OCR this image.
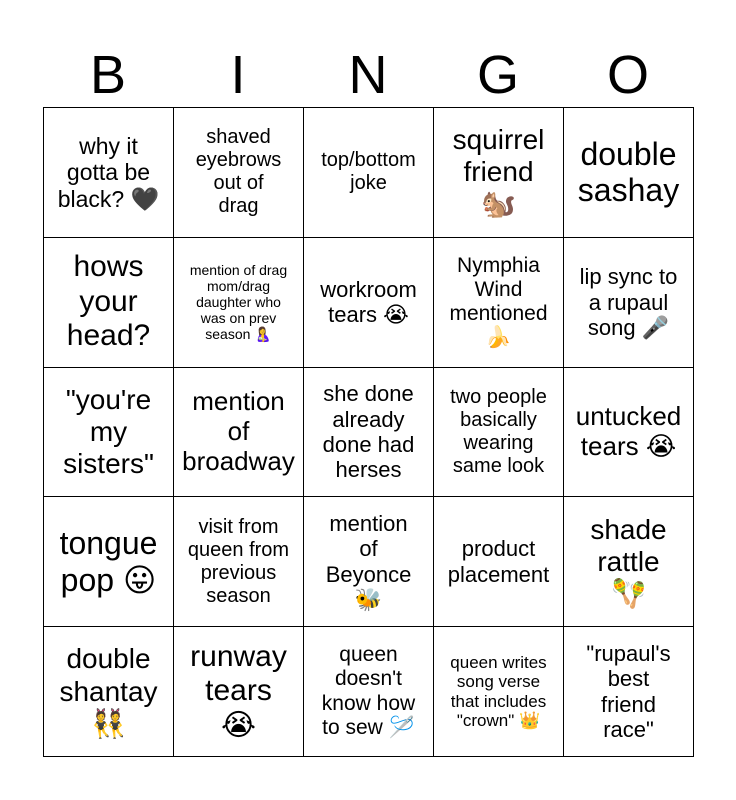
B	I	N	G	O
why it
gotta be
black? 🖤
shaved
eyebrows
out of
drag
top/bottom
joke
squirrel
friend
🐿️
double
sashay
hows
your
head?
mention of drag
mom/drag
daughter who
was on prev
season 🤱
workroom
tears 😭
Nymphia
Wind
mentioned
🍌
lip sync to
a rupaul
song 🎤
"you're
my
sisters"
mention
of
broadway
she done
already
done had
herses
two people
basically
wearing
same look
untucked
tears 😭
tongue
pop 😛
visit from
queen from
previous
season
mention
of
Beyonce
🐝
product
placement
shade
rattle
🪇
double
shantay
👯
runway
tears
😭
queen
doesn't
know how
to sew 🪡
queen writes
song verse
that includes
"crown" 👑
"rupaul's
best
friend
race"
